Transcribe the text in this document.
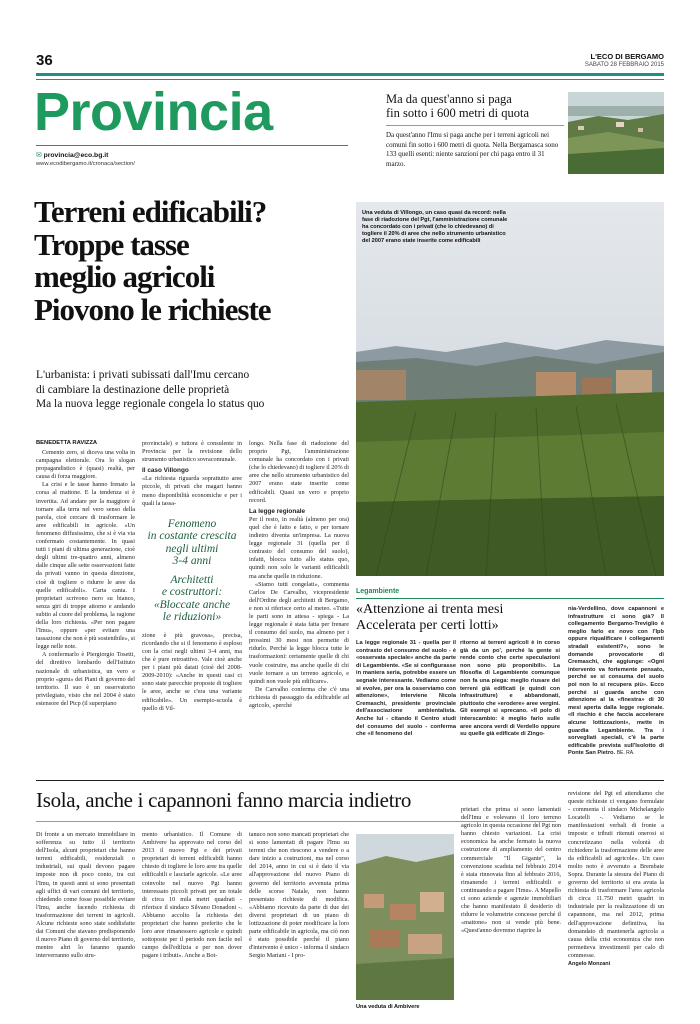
36	L'ECO DI BERGAMO
SABATO 28 FEBBRAIO 2015
Provincia
✉ provincia@eco.bg.it
www.ecodibergamo.it/cronaca/section/
Ma da quest'anno si paga
fin sotto i 600 metri di quota
Da quest'anno l'Imu si paga anche per i terreni agricoli nei comuni fin sotto i 600 metri di quota. Nella Bergamasca sono 133 quelli esenti: niente sanzioni per chi paga entro il 31 marzo.
Terreni edificabili?
Troppe tasse
meglio agricoli
Piovono le richieste
L'urbanista: i privati subissati dall'Imu cercano
di cambiare la destinazione delle proprietà
Ma la nuova legge regionale congela lo status quo
Una veduta di Villongo, un caso quasi da record: nella fase di riadozione del Pgt, l'amministrazione comunale ha concordato con i privati (che lo chiedevano) di togliere il 20% di aree che nello strumento urbanistico del 2007 erano state inserite come edificabili
BENEDETTA RAVIZZA

Cemento zero, si diceva una volta in campagna elettorale. Ora lo slogan propagandistico è (quasi) realtà, per causa di forza maggiore.

La crisi e le tasse hanno frenato la corsa al mattone. E la tendenza si è invertita. Ad andare per la maggiore è tornare alla terra nel vero senso della parola, cioè cercare di trasformare le aree edificabili in agricole. «Un fenomeno diffusissimo, che si è via via confermato costantemente. In quasi tutti i piani di ultima generazione, cioè degli ultimi tre-quattro anni, almeno dalle cinque alle sette osservazioni fatte da privati vanno in questa direzione, cioè di togliere o ridurre le aree da quelle edificabili». Carta canta. I proprietari scrivono nero su bianco, senza giri di troppe attorno e andando subito al cuore del problema, la ragione della loro richiesta. «Per non pagare l'Imu», oppure «per evitare una tassazione che non è più sostenibile», si legge nelle note.

A confermarlo è Piergiorgio Tosetti, del direttivo lombardo dell'Istituto nazionale di urbanistica, un vero e proprio «guru» dei Piani di governo del territorio. Il suo è un osservatorio privilegiato, visto che nel 2004 è stato estensore del Ptcp (il superpiano

provinciale) e tuttora è consulente in Provincia per la revisione dello strumento urbanistico sovracomunale.

Il caso Villongo

«La richiesta riguarda soprattutto aree piccole, di privati che magari hanno meno disponibilità economiche e per i quali la tassa-

Fenomeno
in costante crescita
negli ultimi
3-4 anni
Architetti
e costruttori:
«Bloccate anche
le riduzioni»

zione è più gravosa», precisa, ricordando che si il fenomeno è esploso con la crisi negli ultimi 3-4 anni, ma che è pure retroattivo. Vale cioè anche per i piani più datati (cioè del 2008-2009-2010): «Anche in questi casi ci sono state parecchie proposte di togliere le aree, anche se c'era una variante edificabile». Un esempio-scuola è quello di Vil-

longo. Nella fase di riadozione del proprio Pgt, l'amministrazione comunale ha concordato con i privati (che lo chiedevano) di togliere il 20% di aree che nello strumento urbanistico del 2007 erano state inserite come edificabili. Quasi un vero e proprio record.

La legge regionale

Per il resto, in realtà (almeno per ora) quel che è fatto e fatto, e per tornare indietro diventa un'impresa. La nuova legge regionale 31 (quella per il contrasto del consumo del suolo), infatti, blocca tutto allo status quo, quindi non solo le varianti edificabili ma anche quelle in riduzione.

«Siamo tutti congelati», commenta Carlos De Carvalho, vicepresidente dell'Ordine degli architetti di Bergamo, e non si riferisce certo al meteo. «Tutte le parti sono in attesa - spiega - La legge regionale è stata fatta per frenare il consumo del suolo, ma almeno per i prossimi 30 mesi non permette di ridurlo. Perché la legge blocca tutte le trasformazioni: certamente quelle di chi vuole costruire, ma anche quelle di chi vuole tornare a un terreno agricolo, e quindi non vuole più edificare».

De Carvalho conferma che c'è una richiesta di passaggio da edificabile ad agricolo, «perché

Legambiente
«Attenzione ai trenta mesi
Accelerata per certi lotti»
La legge regionale 31 - quella per il contrasto del consumo del suolo - è «osservata speciale» anche da parte di Legambiente. «Se si configurasse in maniera seria, potrebbe essere un segnale interessante. Vediamo come si evolve, per ora la osserviamo con attenzione», interviene Nicola Cremaschi, presidente provinciale dell'associazione ambientalista. Anche lui - citando il Centro studi del consumo del suolo - conferma che «il fenomeno del
ritorno ai terreni agricoli è in corso già da un po', perché la gente si rende conto che certe speculazioni non sono più proponibili». La filosofia di Legambiente comunque non fa una piega: meglio riusare dei terreni già edificati (e quindi con infrastrutture) e abbandonati, piuttosto che «erodere» aree vergini. Gli esempi si sprecano. «Il polo di interscambio: è meglio farlo sulle aree ancora verdi di Verdello oppure su quelle già edificate di Zingo-
nia-Verdellino, dove capannoni e infrastrutture ci sono già? Il collegamento Bergamo-Treviglio è meglio farlo ex novo con l'Ipb oppure riqualificare i collegamenti stradali esistenti?», sono le domande provocatorie di Cremaschi, che aggiunge: «Ogni intervento va fortemente pensato, perché se si consuma del suolo poi non lo si recupera più». Ecco perché si guarda anche con attenzione al la «finestra» di 30 mesi aperta dalla legge regionale. «Il rischio è che faccia accelerare alcune lottizzazioni», mette in guardia Legambiente. Tra i sorvegliati speciali, c'è la parte edificabile prevista sull'Isolotto di Ponte San Pietro. BE. RA.
Isola, anche i capannoni fanno marcia indietro
Di fronte a un mercato immobiliare in sofferenza su tutto il territorio dell'Isola, alcuni proprietari che hanno terreni edificabili, residenziali o industriali, sui quali devono pagare imposte non di poco conto, tra cui l'Imu, in questi anni si sono presentati agli uffici di vari comuni del territorio, chiedendo come fosse possibile evitare l'Imu, anche facendo richiesta di trasformazione dei terreni in agricoli. Alcune richieste sono state soddisfatte dai Comuni che stavano predisponendo il nuovo Piano di governo del territorio, mentre altri lo faranno quando interverranno sullo stru-
mento urbanistico. Il Comune di Ambivere ha approvato nel corso del 2013 il nuovo Pgt e dei privati proprietari di terreni edificabili hanno chiesto di togliere le loro aree tra quelle edificabili e lasciarle agricole. «Le aree coinvolte nel nuovo Pgt hanno interessato piccoli privati per un totale di circa 10 mila metri quadrati - riferisce il sindaco Silvano Donadoni -. Abbiamo accolto la richiesta dei proprietari che hanno preferito che le loro aree rimanessero agricole e quindi sottoposte per il periodo non facile nel campo dell'edilizia e per non dover pagare i tributi». Anche a Bot-
tanuco non sono mancati proprietari che si sono lamentati di pagare l'Imu su terreni che non riescono a vendere o a dare inizio a costruzioni, ma nel corso del 2014, anno in cui si è dato il via all'approvazione del nuovo Piano di governo del territorio avvenuta prima delle scorse Natale, non hanno presentato richieste di modifica. «Abbiamo ricevuto da parte di due dei diversi proprietari di un piano di lottizzazione di poter modificare la loro parte edificabile in agricola, ma ciò non è stato possibile perché il piano d'intervento è unico - informa il sindaco Sergio Mariani - I pro-
Una veduta di Ambivere
prietari che prima si sono lamentati dell'Imu e volevano il loro terreno agricolo in questa occasione del Pgt non hanno chiesto variazioni. La crisi economica ha anche fermato la nuova costruzione di ampliamento del centro commerciale "Il Gigante", la convenzione scaduta nel febbraio 2014 è stata rinnovata fino al febbraio 2016, rimanendo i terreni edificabili e continuando a pagare l'Imu». A Mapello ci sono aziende e agenzie immobiliari che hanno manifestato il desiderio di ridurre le volumetrie concesse perché il «mattone» non si vende più bene. «Quest'anno dovremo riaprire la
revisione del Pgt ed attendiamo che queste richieste ci vengano formulate - commenta il sindaco Michelangelo Locatelli -. Vediamo se le manifestazioni verbali di fronte a imposte e tributi ritenuti onerosi si concretizzano nella volontà di richiedere la trasformazione delle aree da edificabili ad agricole». Un caso molto noto è avvenuto a Brembate Sopra. Durante la stesura del Piano di governo del territorio si era avuta la richiesta di trasformare l'area agricola di circa 11.750 metri quadri in industriale per la realizzazione di un capannone, ma nel 2012, prima dell'approvazione definitiva, ha domandato di mantenerla agricola a causa della crisi economica che non permetteva investimenti per calo di commesse.
Angelo Monzani
